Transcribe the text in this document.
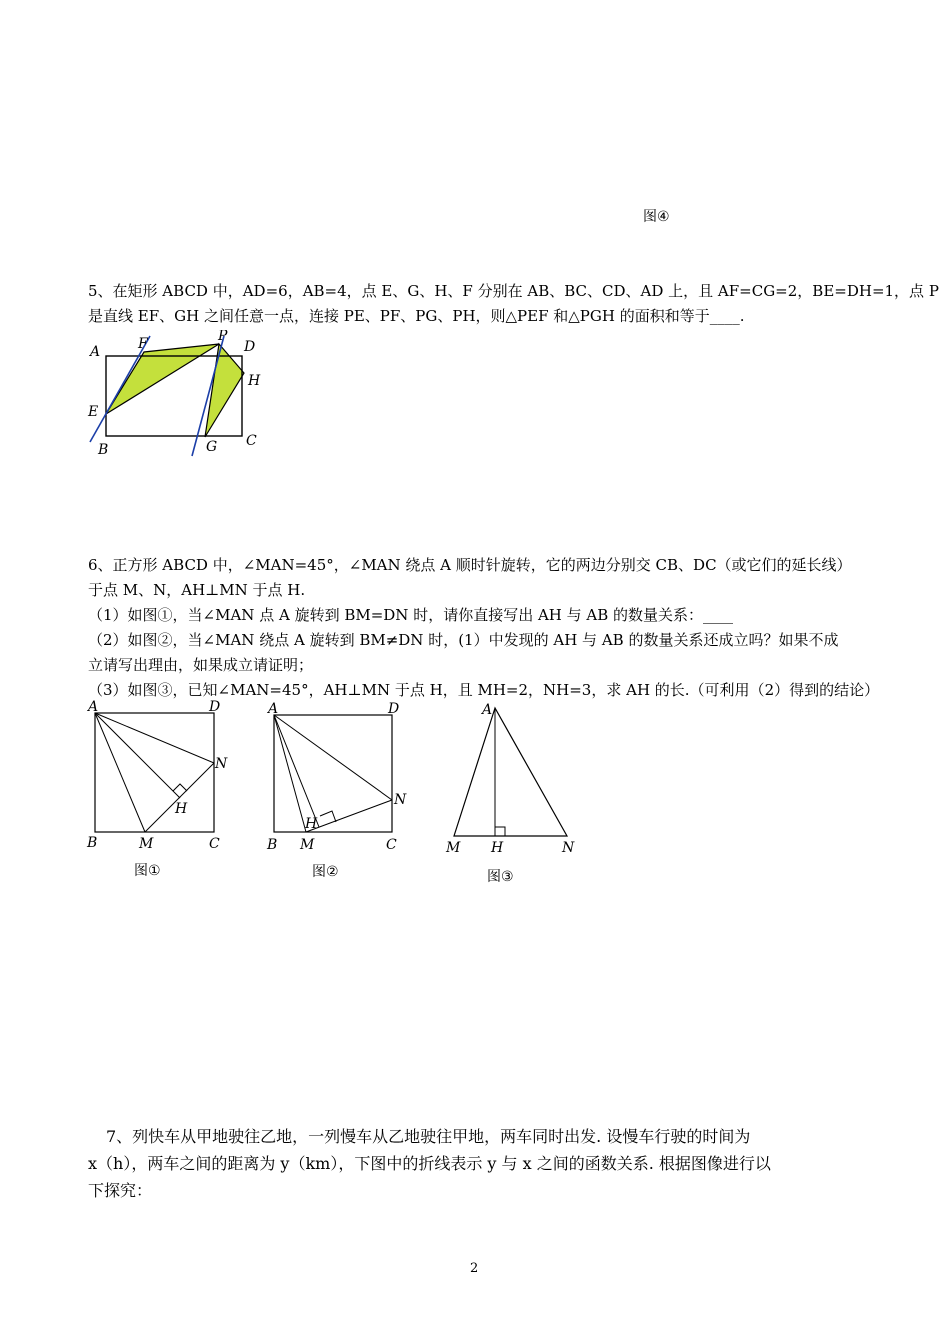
图④
5、在矩形 ABCD 中，AD=6，AB=4，点 E、G、H、F 分别在 AB、BC、CD、AD 上，且 AF=CG=2，BE=DH=1，点 P
是直线 EF、GH 之间任意一点，连接 PE、PF、PG、PH，则△PEF 和△PGH 的面积和等于____.
A
B
C
D
E
F
G
H
P
6、正方形 ABCD 中，∠MAN=45°，∠MAN 绕点 A 顺时针旋转，它的两边分别交 CB、DC（或它们的延长线）
于点 M、N，AH⊥MN 于点 H.
（1）如图①，当∠MAN 点 A 旋转到 BM=DN 时，请你直接写出 AH 与 AB 的数量关系：____
（2）如图②，当∠MAN 绕点 A 旋转到 BM≠DN 时，(1）中发现的 AH 与 AB 的数量关系还成立吗？如果不成
立请写出理由，如果成立请证明；
（3）如图③，已知∠MAN=45°，AH⊥MN 于点 H，且 MH=2，NH=3，求 AH 的长.（可利用（2）得到的结论）
A	D
B	C
M
N
H
图①
A	D
B	C
M
N
H
图②
A
M H	N
图③
7、列快车从甲地驶往乙地，一列慢车从乙地驶往甲地，两车同时出发. 设慢车行驶的时间为
x（h），两车之间的距离为 y（km），下图中的折线表示 y 与 x 之间的函数关系. 根据图像进行以
下探究：
2
